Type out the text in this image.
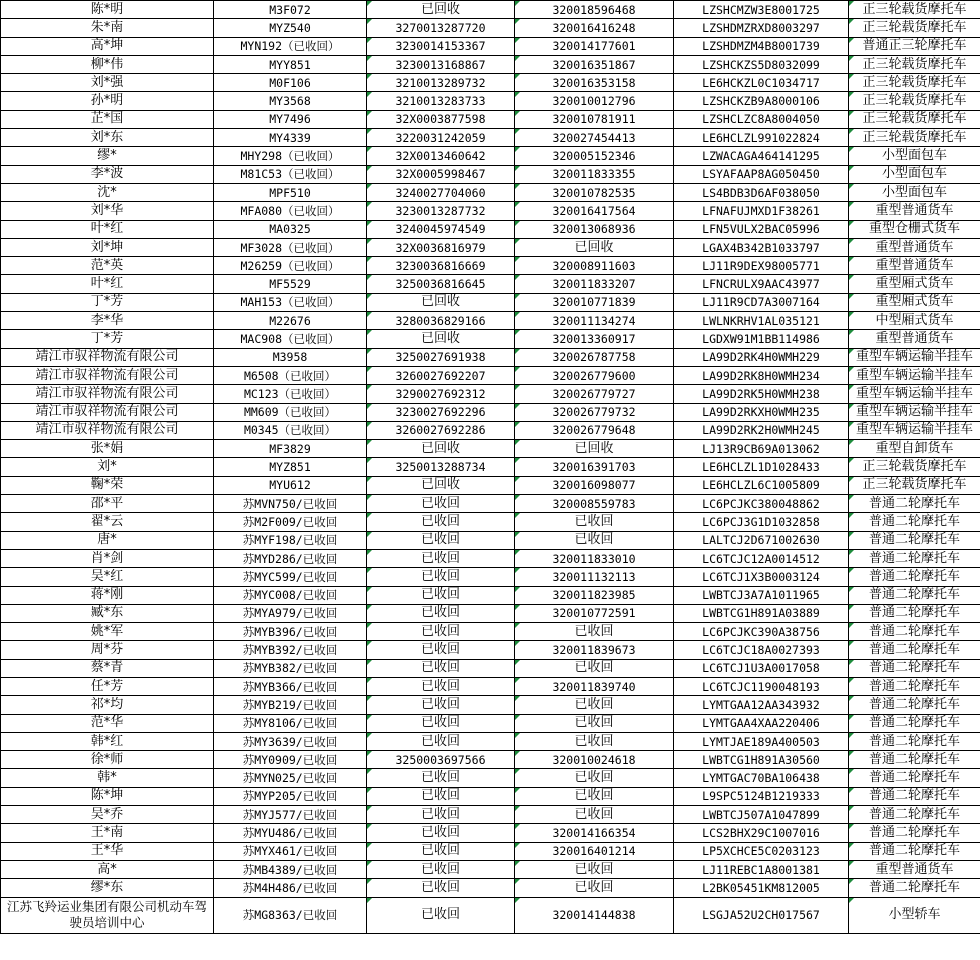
陈*明	M3F072	已回收	320018596468	LZSHCMZW3E8001725	正三轮载货摩托车
朱*南	MYZ540	3270013287720	320016416248	LZSHDMZRXD8003297	正三轮载货摩托车
高*坤	MYN192（已收回）	3230014153367	320014177601	LZSHDMZM4B8001739	普通正三轮摩托车
柳*伟	MYY851	3230013168867	320016351867	LZSHCKZS5D8032099	正三轮载货摩托车
刘*强	M0F106	3210013289732	320016353158	LE6HCKZL0C1034717	正三轮载货摩托车
孙*明	MY3568	3210013283733	320010012796	LZSHCKZB9A8000106	正三轮载货摩托车
芷*国	MY7496	32X0003877598	320010781911	LZSHCLZC8A8004050	正三轮载货摩托车
刘*东	MY4339	3220031242059	320027454413	LE6HCLZL991022824	正三轮载货摩托车
缪*	MHY298（已收回）	32X0013460642	320005152346	LZWACAGA464141295	小型面包车
李*波	M81C53（已收回）	32X0005998467	320011833355	LSYAFAAP8AG050450	小型面包车
沈*	MPF510	3240027704060	320010782535	LS4BDB3D6AF038050	小型面包车
刘*华	MFA080（已收回）	3230013287732	320016417564	LFNAFUJMXD1F38261	重型普通货车
叶*红	MA0325	3240045974549	320013068936	LFN5VULX2BAC05996	重型仓栅式货车
刘*坤	MF3028（已收回）	32X0036816979	已回收	LGAX4B342B1033797	重型普通货车
范*英	M26259（已收回）	3230036816669	320008911603	LJ11R9DEX98005771	重型普通货车
叶*红	MF5529	3250036816645	320011833207	LFNCRULX9AAC43977	重型厢式货车
丁*芳	MAH153（已收回）	已回收	320010771839	LJ11R9CD7A3007164	重型厢式货车
李*华	M22676	3280036829166	320011134274	LWLNKRHV1AL035121	中型厢式货车
丁*芳	MAC908（已收回）	已回收	320013360917	LGDXW91M1BB114986	重型普通货车
靖江市驭祥物流有限公司	M3958	3250027691938	320026787758	LA99D2RK4H0WMH229	重型车辆运输半挂车
靖江市驭祥物流有限公司	M6508（已收回）	3260027692207	320026779600	LA99D2RK8H0WMH234	重型车辆运输半挂车
靖江市驭祥物流有限公司	MC123（已收回）	3290027692312	320026779727	LA99D2RK5H0WMH238	重型车辆运输半挂车
靖江市驭祥物流有限公司	MM609（已收回）	3230027692296	320026779732	LA99D2RKXH0WMH235	重型车辆运输半挂车
靖江市驭祥物流有限公司	M0345（已收回）	3260027692286	320026779648	LA99D2RK2H0WMH245	重型车辆运输半挂车
张*娟	MF3829	已回收	已回收	LJ13R9CB69A013062	重型自卸货车
刘*	MYZ851	3250013288734	320016391703	LE6HCLZL1D1028433	正三轮载货摩托车
鞠*荣	MYU612	已回收	320016098077	LE6HCLZL6C1005809	正三轮载货摩托车
邵*平	苏MVN750/已收回	已收回	320008559783	LC6PCJKC380048862	普通二轮摩托车
翟*云	苏M2F009/已收回	已收回	已收回	LC6PCJ3G1D1032858	普通二轮摩托车
唐*	苏MYF198/已收回	已收回	已收回	LALTCJ2D671002630	普通二轮摩托车
肖*剑	苏MYD286/已收回	已收回	320011833010	LC6TCJC12A0014512	普通二轮摩托车
吴*红	苏MYC599/已收回	已收回	320011132113	LC6TCJ1X3B0003124	普通二轮摩托车
蒋*刚	苏MYC008/已收回	已收回	320011823985	LWBTCJ3A7A1011965	普通二轮摩托车
臧*东	苏MYA979/已收回	已收回	320010772591	LWBTCG1H891A03889	普通二轮摩托车
姚*军	苏MYB396/已收回	已收回	已收回	LC6PCJKC390A38756	普通二轮摩托车
周*芬	苏MYB392/已收回	已收回	320011839673	LC6TCJC18A0027393	普通二轮摩托车
蔡*青	苏MYB382/已收回	已收回	已收回	LC6TCJ1U3A0017058	普通二轮摩托车
任*芳	苏MYB366/已收回	已收回	320011839740	LC6TCJC1190048193	普通二轮摩托车
祁*均	苏MYB219/已收回	已收回	已收回	LYMTGAA12AA343932	普通二轮摩托车
范*华	苏MY8106/已收回	已收回	已收回	LYMTGAA4XAA220406	普通二轮摩托车
韩*红	苏MY3639/已收回	已收回	已收回	LYMTJAE189A400503	普通二轮摩托车
徐*师	苏MY0909/已收回	3250003697566	320010024618	LWBTCG1H891A30560	普通二轮摩托车
韩*	苏MYN025/已收回	已收回	已收回	LYMTGAC70BA106438	普通二轮摩托车
陈*坤	苏MYP205/已收回	已收回	已收回	L9SPC5124B1219333	普通二轮摩托车
吴*乔	苏MYJ577/已收回	已收回	已收回	LWBTCJ507A1047899	普通二轮摩托车
王*南	苏MYU486/已收回	已收回	320014166354	LCS2BHX29C1007016	普通二轮摩托车
王*华	苏MYX461/已收回	已收回	320016401214	LP5XCHCE5C0203123	普通二轮摩托车
高*	苏MB4389/已收回	已收回	已收回	LJ11REBC1A8001381	重型普通货车
缪*东	苏M4H486/已收回	已收回	已收回	L2BK05451KM812005	普通二轮摩托车
江苏飞羚运业集团有限公司机动车驾驶员培训中心	苏MG8363/已收回	已收回	320014144838	LSGJA52U2CH017567	小型轿车
